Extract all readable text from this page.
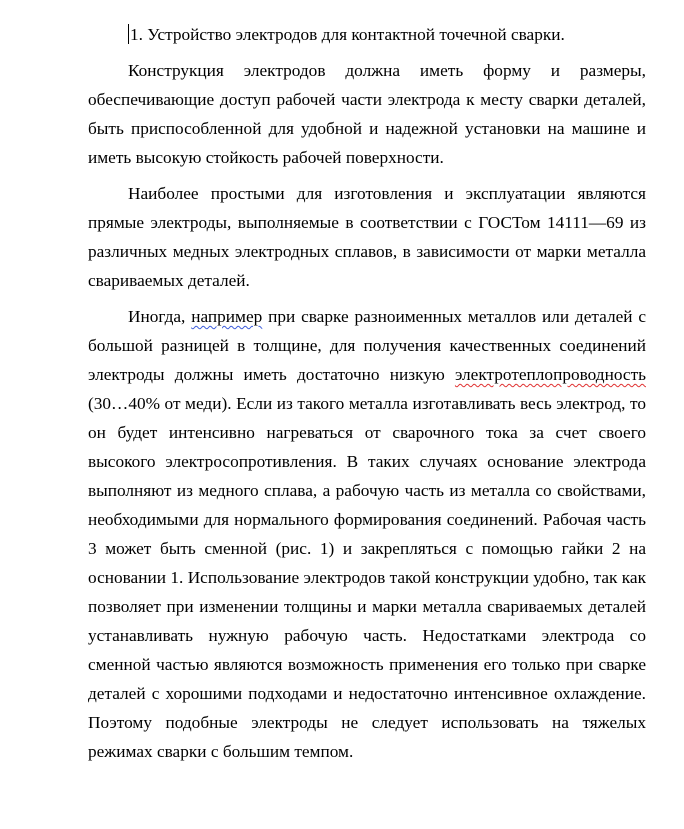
1. Устройство электродов для контактной точечной сварки.

Конструкция электродов должна иметь форму и размеры, обеспечивающие доступ рабочей части электрода к месту сварки деталей, быть приспособленной для удобной и надежной установки на машине и иметь высокую стойкость рабочей поверхности.

Наиболее простыми для изготовления и эксплуатации являются прямые электроды, выполняемые в соответствии с ГОСТом 14111—69 из различных медных электродных сплавов, в зависимости от марки металла свариваемых деталей.

Иногда, например при сварке разноименных металлов или деталей с большой разницей в толщине, для получения качественных соединений электроды должны иметь достаточно низкую электротеплопроводность (30…40% от меди). Если из такого металла изготавливать весь электрод, то он будет интенсивно нагреваться от сварочного тока за счет своего высокого электросопротивления. В таких случаях основание электрода выполняют из медного сплава, а рабочую часть из металла со свойствами, необходимыми для нормального формирования соединений. Рабочая часть 3 может быть сменной (рис. 1) и закрепляться с помощью гайки 2 на основании 1. Использование электродов такой конструкции удобно, так как позволяет при изменении толщины и марки металла свариваемых деталей устанавливать нужную рабочую часть. Недостатками электрода со сменной частью являются возможность применения его только при сварке деталей с хорошими подходами и недостаточно интенсивное охлаждение. Поэтому подобные электроды не следует использовать на тяжелых режимах сварки с большим темпом.
